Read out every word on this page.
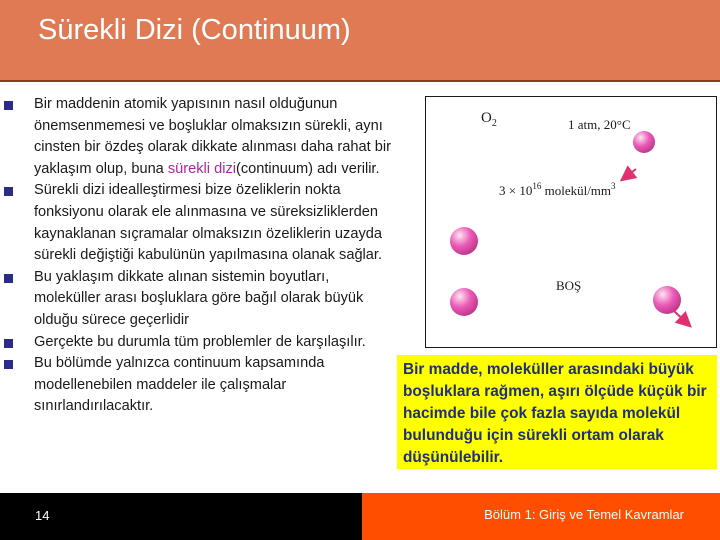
Sürekli Dizi (Continuum)
Bir maddenin atomik yapısının nasıl olduğunun önemsenmemesi ve boşluklar olmaksızın sürekli, aynı cinsten bir özdeş olarak dikkate alınması daha rahat bir yaklaşım olup, buna sürekli dizi(continuum) adı verilir.
Sürekli dizi idealleştirmesi bize özeliklerin nokta fonksiyonu olarak ele alınmasına ve süreksizliklerden kaynaklanan sıçramalar olmaksızın özeliklerin uzayda sürekli değiştiği kabulünün yapılmasına olanak sağlar.
Bu yaklaşım dikkate alınan sistemin boyutları, moleküller arası boşluklara göre bağıl olarak büyük olduğu sürece geçerlidir
Gerçekte bu durumla tüm problemler de karşılaşılır.
Bu bölümde yalnızca continuum kapsamında modellenebilen maddeler ile çalışmalar sınırlandırılacaktır.
$O_2$	1 atm, 20°C
$3 \times 10^{16}$ molekül/$mm^3$
BOŞ
Bir madde, moleküller arasındaki büyük boşluklara rağmen, aşırı ölçüde küçük bir hacimde bile çok fazla sayıda molekül bulunduğu için sürekli ortam olarak düşünülebilir.
14	Bölüm 1: Giriş ve Temel Kavramlar
